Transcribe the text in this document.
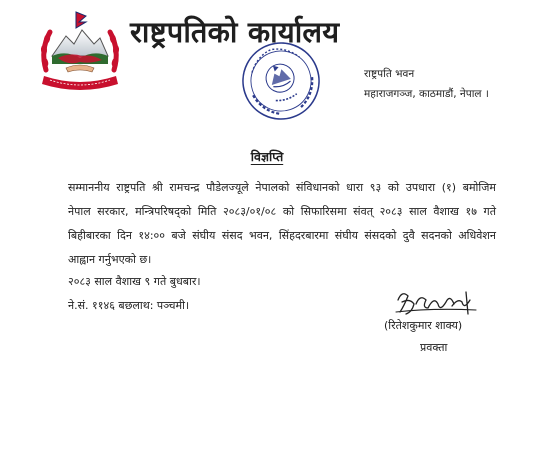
राष्ट्रपतिको कार्यालय
राष्ट्रपति भवन
महाराजगञ्ज, काठमाडौं, नेपाल ।
विज्ञप्ति
सम्माननीय राष्ट्रपति श्री रामचन्द्र पौडेलज्यूले नेपालको संविधानको धारा ९३ को उपधारा (१) बमोजिम
नेपाल सरकार, मन्त्रिपरिषद्को मिति २०८३/०१/०८ को सिफारिसमा संवत् २०८३ साल वैशाख १७ गते
बिहीबारका दिन १४:०० बजे संघीय संसद भवन, सिंहदरबारमा संघीय संसदको दुवै सदनको अधिवेशन
आह्वान गर्नुभएको छ।
२०८३ साल वैशाख ९ गते बुधबार।
ने.सं. ११४६ बछलाथ: पञ्चमी।
(रितेशकुमार शाक्य)
प्रवक्ता
